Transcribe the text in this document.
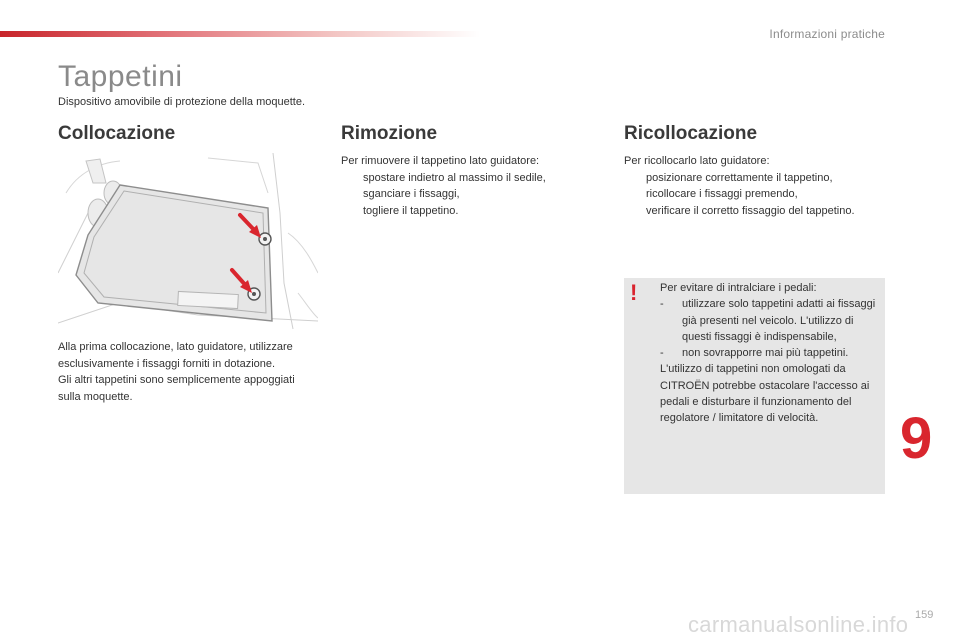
Informazioni pratiche
Tappetini
Dispositivo amovibile di protezione della moquette.
Collocazione

Alla prima collocazione, lato guidatore, utilizzare esclusivamente i fissaggi forniti in dotazione.

Gli altri tappetini sono semplicemente appoggiati sulla moquette.

Rimozione

Per rimuovere il tappetino lato guidatore:

spostare indietro al massimo il sedile,
sganciare i fissaggi,
togliere il tappetino.
Ricollocazione

Per ricollocarlo lato guidatore:

posizionare correttamente il tappetino,
ricollocare i fissaggi premendo,
verificare il corretto fissaggio del tappetino.
! Per evitare di intralciare i pedali:

- utilizzare solo tappetini adatti ai fissaggi già presenti nel veicolo. L'utilizzo di questi fissaggi è indispensabile,
- non sovrapporre mai più tappetini.

L'utilizzo di tappetini non omologati da CITROËN potrebbe ostacolare l'accesso ai pedali e disturbare il funzionamento del regolatore / limitatore di velocità.	9
159
carmanualsonline.info
